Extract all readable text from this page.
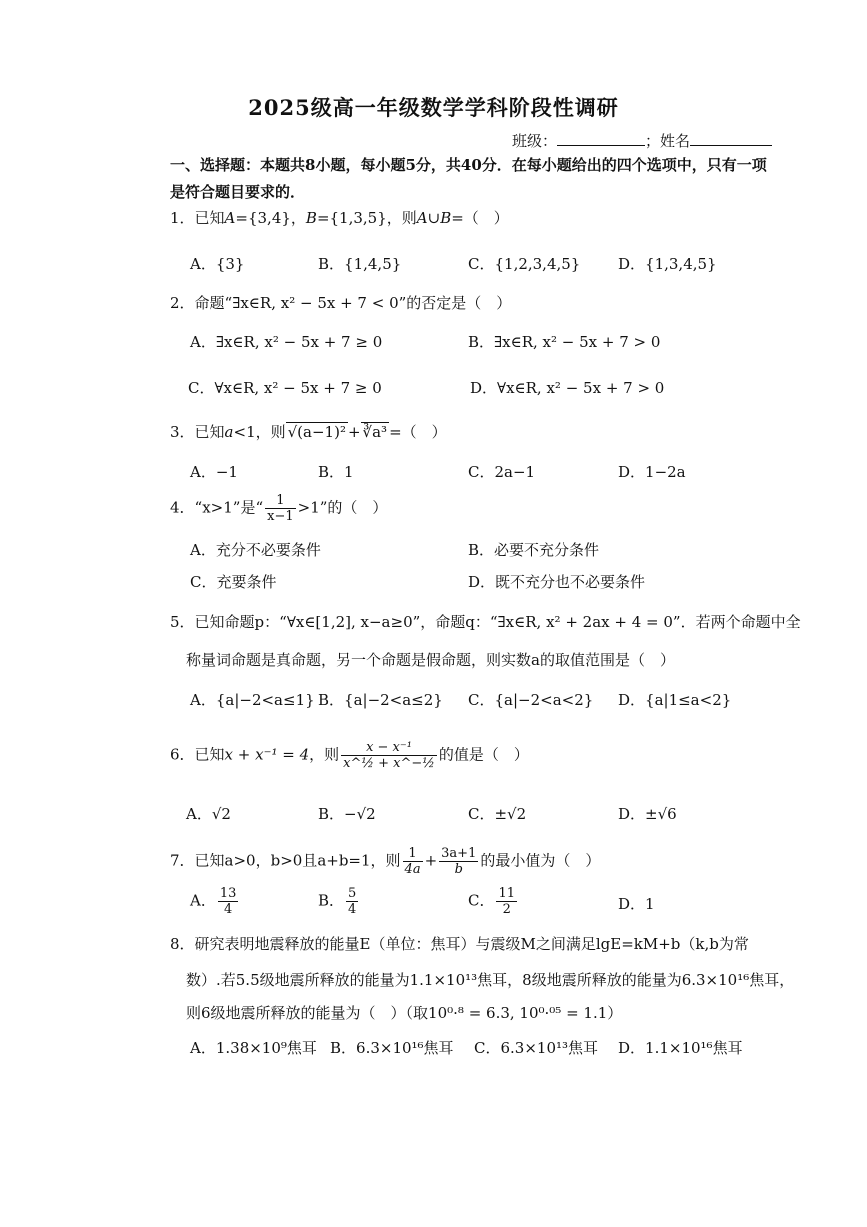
2025级高一年级数学学科阶段性调研
班级：	；姓名
一、选择题：本题共8小题，每小题5分，共40分．在每小题给出的四个选项中，只有一项是符合题目要求的．
1．已知A={3,4}，B={1,3,5}，则A∪B=（　）
A．{3}	B．{1,4,5}	C．{1,2,3,4,5}	D．{1,3,4,5}
2．命题“∃x∈R, x² − 5x + 7 < 0”的否定是（　）
A．∃x∈R, x² − 5x + 7 ≥ 0	B．∃x∈R, x² − 5x + 7 > 0
C．∀x∈R, x² − 5x + 7 ≥ 0	D．∀x∈R, x² − 5x + 7 > 0
3．已知a<1，则 √(a−1)² + ∛a³ =（　）
A．−1	B．1	C．2a−1	D．1−2a
4．“x>1”是“ $\frac{1}{x-1} >1$”的（　）
A．充分不必要条件	B．必要不充分条件
C．充要条件	D．既不充分也不必要条件
5．已知命题p：“∀x∈[1,2], x−a≥0”，命题q：“∃x∈R, x² + 2ax + 4 = 0”．若两个命题中全
称量词命题是真命题，另一个命题是假命题，则实数a的取值范围是（　）
A．{a|−2<a≤1} B．{a|−2<a≤2} C．{a|−2<a<2} D．{a|1≤a<2}
6．已知x + x⁻¹ = 4，则 $\frac{\text{x − x⁻¹}}{\text{x\textasciicircum{}½ + x\textasciicircum{}−½}}$ 的值是（　）
A．√2	B．−√2	C．±√2	D．±√6
7．已知a>0，b>0且a+b=1，则 $\frac{1}{4a} + \frac{3a+1}{b}$ 的最小值为（　）
A． $\frac{13}{4}$	B． $\frac{5}{4}$	C． $\frac{11}{2}$	D．1
8．研究表明地震释放的能量E（单位：焦耳）与震级M之间满足lgE=kM+b（k,b为常
数）.若5.5级地震所释放的能量为1.1×10¹³焦耳，8级地震所释放的能量为6.3×10¹⁶焦耳，
则6级地震所释放的能量为（　）（取10⁰·⁸ = 6.3, 10⁰·⁰⁵ = 1.1）
A．1.38×10⁹焦耳 B．6.3×10¹⁶焦耳 C．6.3×10¹³焦耳 D．1.1×10¹⁶焦耳
